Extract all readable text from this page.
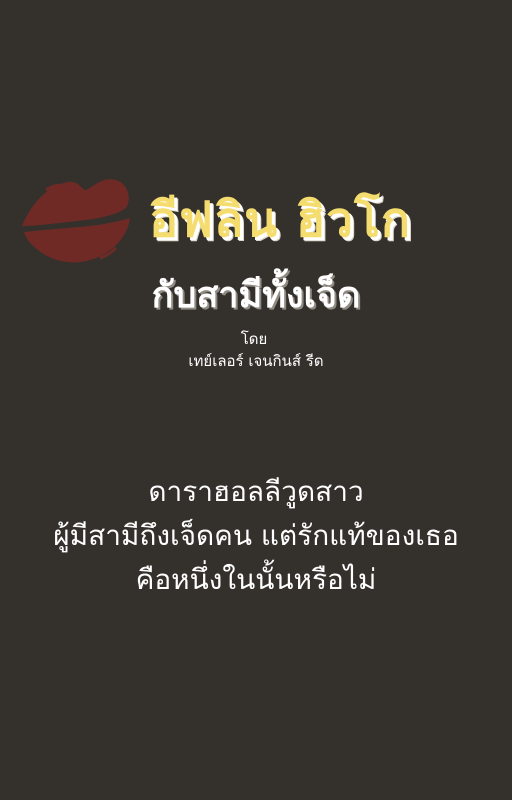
อีฟลิน ฮิวโก
กับสามีทั้งเจ็ด
โดย
เทย์เลอร์ เจนกินส์ รีด
ดาราฮอลลีวูดสาว
ผู้มีสามีถึงเจ็ดคน แต่รักแท้ของเธอ
คือหนึ่งในนั้นหรือไม่
